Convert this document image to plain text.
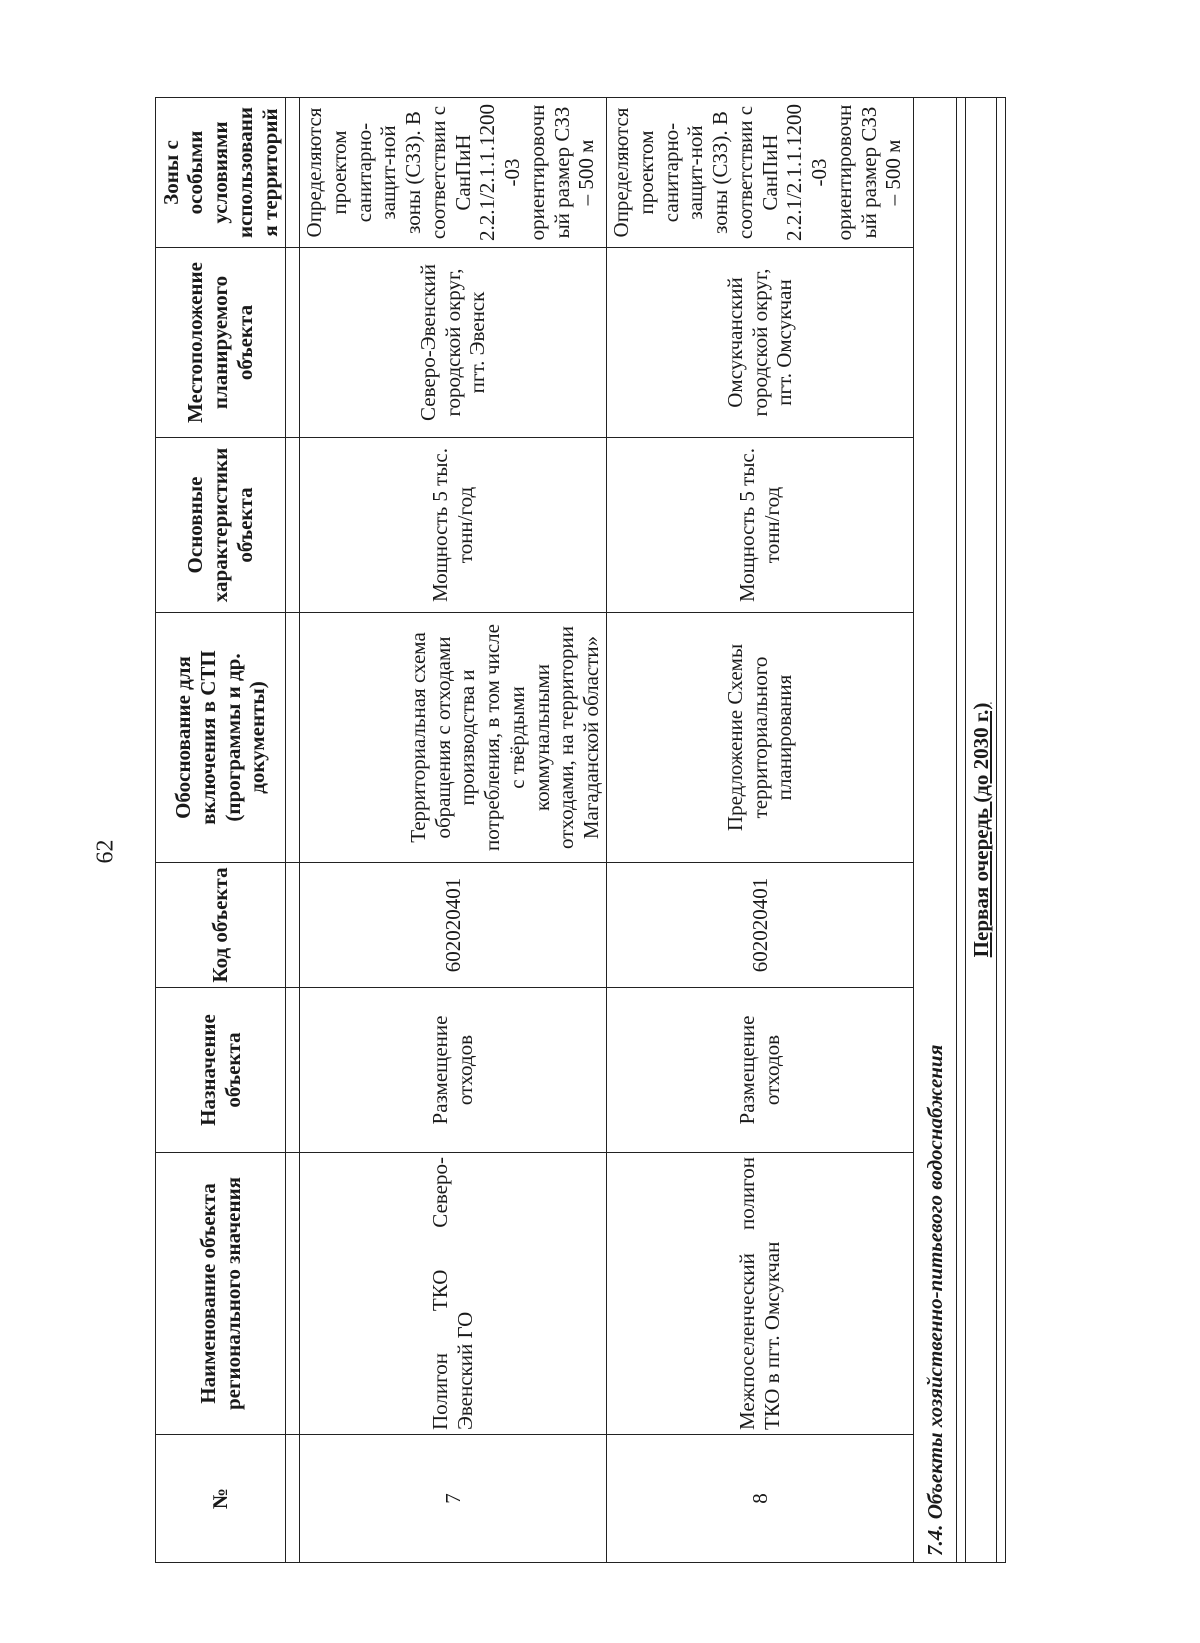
62
№	Наименование объекта регионального значения	Назначение объекта	Код объекта	Обоснование для включения в СТП (программы и др. документы)	Основные характеристики объекта	Местоположение планируемого объекта	Зоны с особыми условиями использования территорий

7	Полигон ТКО Северо-Эвенский ГО	Размещение отходов	602020401	Территориальная схема обращения с отходами производства и потребления, в том числе с твёрдыми коммунальными отходами, на территории Магаданской области»	Мощность 5 тыс. тонн/год	Северо-Эвенский городской округ, пгт. Эвенск	Определяются проектом санитарно-защит-ной зоны (СЗЗ). В соответствии с СанПиН 2.2.1/2.1.1.1200 -03 ориентировочный размер СЗЗ – 500 м
8	Межпоселенческий полигон ТКО в пгт. Омсукчан	Размещение отходов	602020401	Предложение Схемы территориального планирования	Мощность 5 тыс. тонн/год	Омсукчанский городской округ, пгт. Омсукчан	Определяются проектом санитарно-защит-ной зоны (СЗЗ). В соответствии с СанПиН 2.2.1/2.1.1.1200 -03 ориентировочный размер СЗЗ – 500 м
7.4. Объекты хозяйственно-питьевого водоснабжения							

Первая очередь (до 2030 г.)							
